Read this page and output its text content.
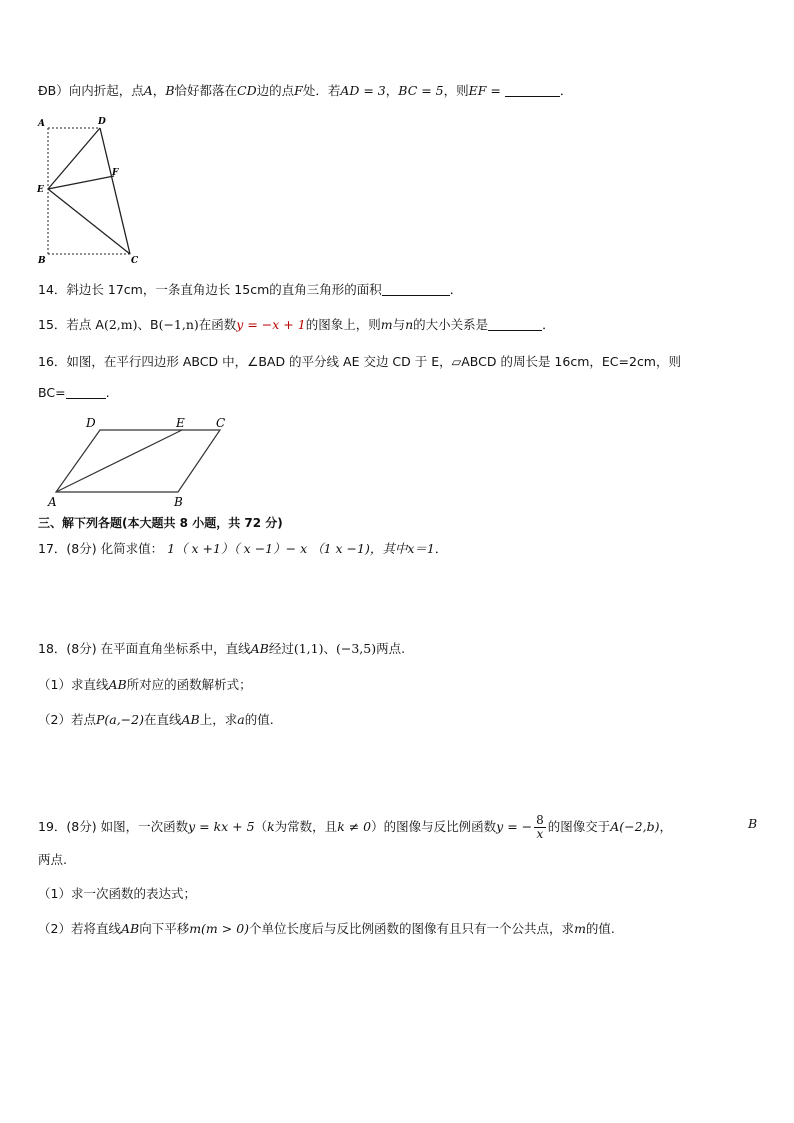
ĐB）向内折起，点A，B恰好都落在CD边的点F处．若AD = 3，BC = 5，则EF =	．
A	D
F
E
B	C
14．斜边长 17cm，一条直角边长 15cm的直角三角形的面积	．
15．若点 A(2,m)、B(−1,n)在函数y = −x + 1的图象上，则m与n的大小关系是	．
16．如图，在平行四边形 ABCD 中，∠BAD 的平分线 AE 交边 CD 于 E，▱ABCD 的周长是 16cm，EC=2cm，则
BC=	.
D	E	C
A	B
三、解下列各题(本大题共 8 小题，共 72 分)
17．(8分) 化简求值： 1（ x +1）（ x −1）− x （1 x −1)，其中x＝1．
18．(8分) 在平面直角坐标系中，直线AB经过(1,1)、(−3,5)两点.
（1）求直线AB所对应的函数解析式；
（2）若点P(a,−2)在直线AB上，求a的值.
19．(8分) 如图，一次函数y = kx + 5（k为常数，且k ≠ 0）的图像与反比例函数y = − $\frac{8}{x}$ 的图像交于A(−2,b)，	B
两点.
（1）求一次函数的表达式；
（2）若将直线AB向下平移m(m > 0)个单位长度后与反比例函数的图像有且只有一个公共点，求m的值.
